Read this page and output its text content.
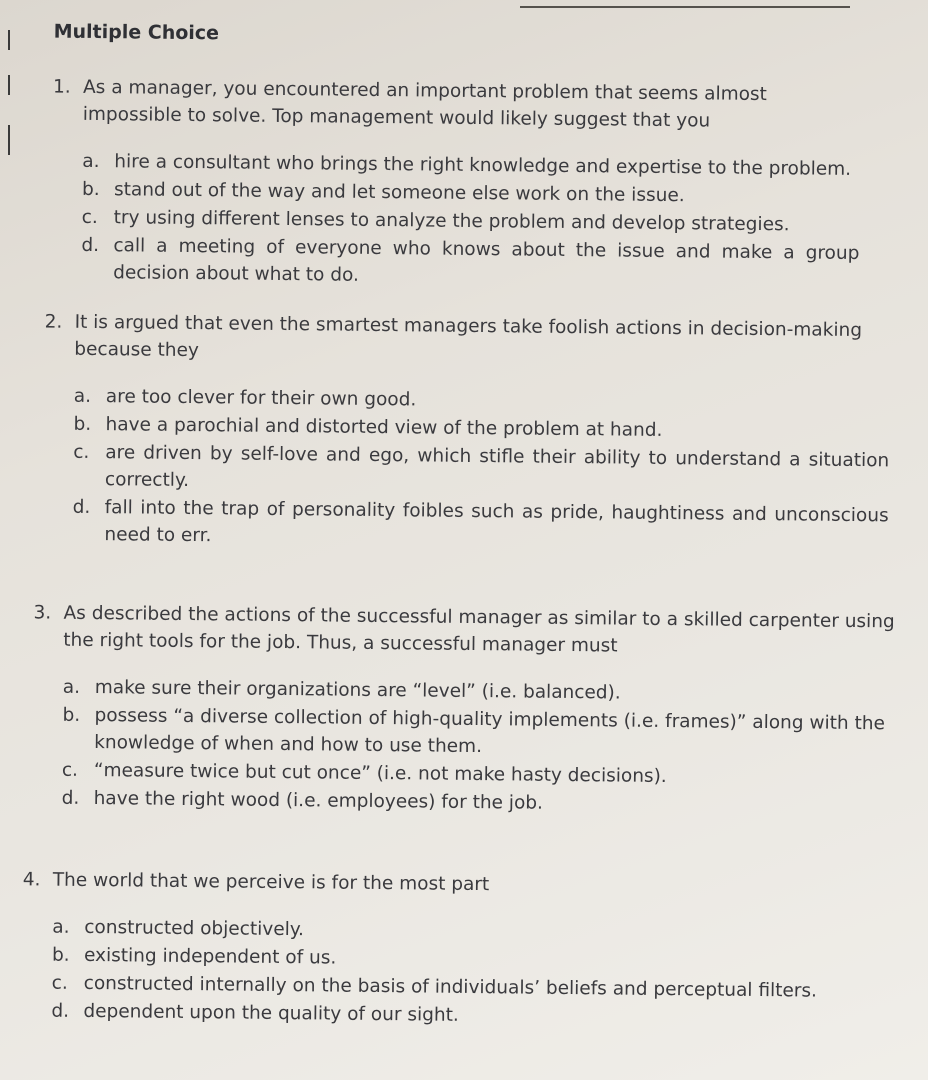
Multiple Choice
1. As a manager, you encountered an important problem that seems almost impossible to solve. Top management would likely suggest that you
a. hire a consultant who brings the right knowledge and expertise to the problem.
b. stand out of the way and let someone else work on the issue.
c. try using different lenses to analyze the problem and develop strategies.
d. call a meeting of everyone who knows about the issue and make a group decision about what to do.
2. It is argued that even the smartest managers take foolish actions in decision-making because they
a. are too clever for their own good.
b. have a parochial and distorted view of the problem at hand.
c. are driven by self-love and ego, which stifle their ability to understand a situation correctly.
d. fall into the trap of personality foibles such as pride, haughtiness and unconscious need to err.
3. As described the actions of the successful manager as similar to a skilled carpenter using the right tools for the job. Thus, a successful manager must
a. make sure their organizations are “level” (i.e. balanced).
b. possess “a diverse collection of high-quality implements (i.e. frames)” along with the knowledge of when and how to use them.
c. “measure twice but cut once” (i.e. not make hasty decisions).
d. have the right wood (i.e. employees) for the job.
4. The world that we perceive is for the most part
a. constructed objectively.
b. existing independent of us.
c. constructed internally on the basis of individuals’ beliefs and perceptual filters.
d. dependent upon the quality of our sight.
